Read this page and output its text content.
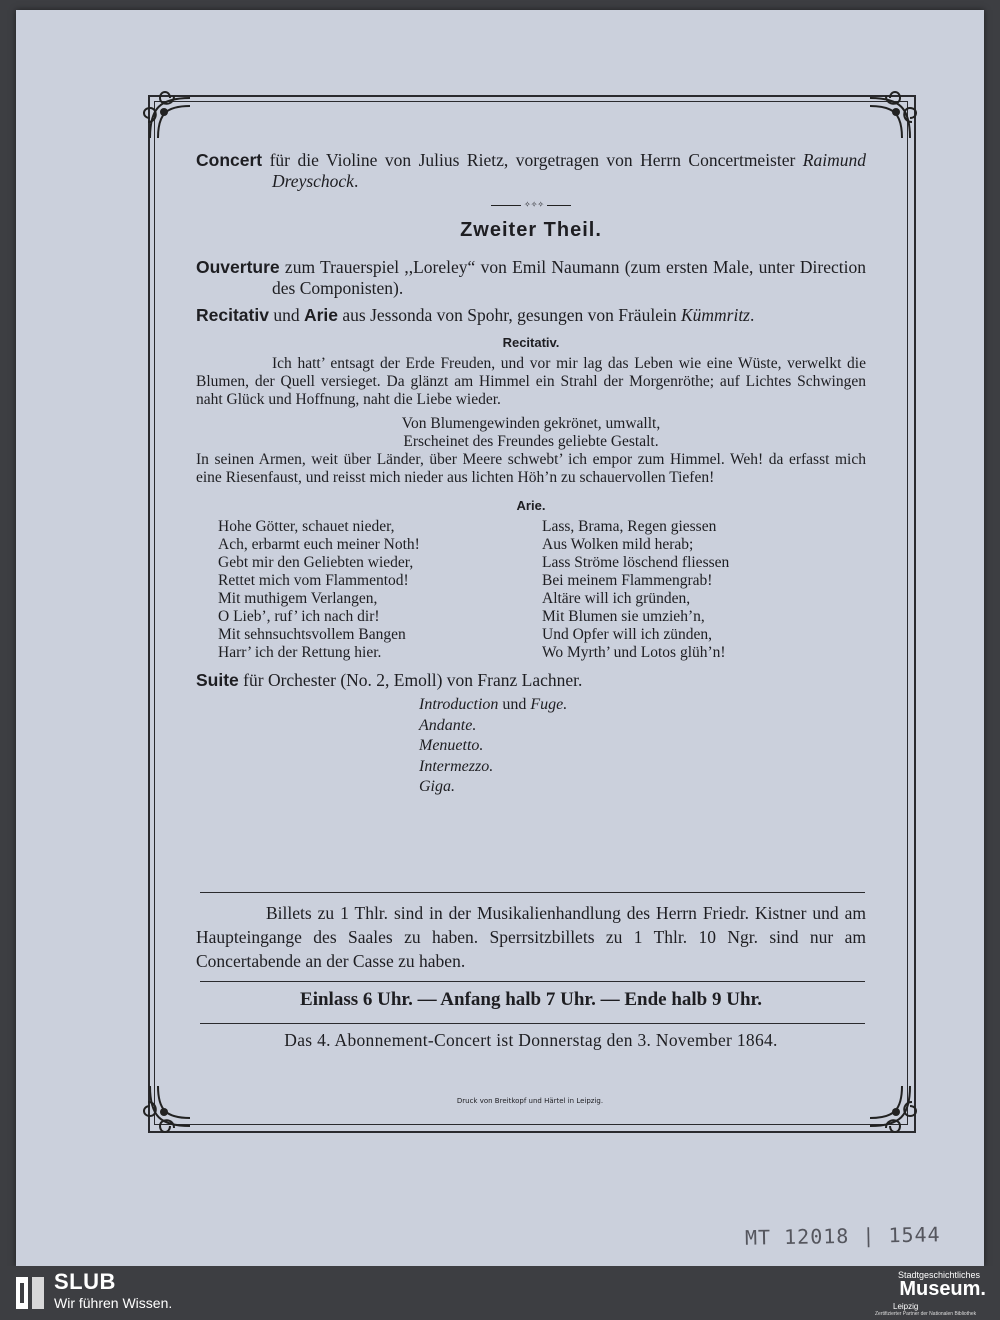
Concert für die Violine von Julius Rietz, vorgetragen von Herrn Concertmeister Raimund Dreyschock.

✧✧✧
Zweiter Theil.

Ouverture zum Trauerspiel ,,Loreley“ von Emil Naumann (zum ersten Male, unter Direction des Componisten).

Recitativ und Arie aus Jessonda von Spohr, gesungen von Fräulein Kümmritz.

Recitativ.

Ich hatt’ entsagt der Erde Freuden, und vor mir lag das Leben wie eine Wüste, verwelkt die Blumen, der Quell versieget. Da glänzt am Himmel ein Strahl der Morgenröthe; auf Lichtes Schwingen naht Glück und Hoffnung, naht die Liebe wieder.

Von Blumengewinden gekrönet, umwallt,

Erscheinet des Freundes geliebte Gestalt.

In seinen Armen, weit über Länder, über Meere schwebt’ ich empor zum Himmel. Weh! da erfasst mich eine Riesenfaust, und reisst mich nieder aus lichten Höh’n zu schauervollen Tiefen!

Arie.
Hohe Götter, schauet nieder,
Ach, erbarmt euch meiner Noth!
Gebt mir den Geliebten wieder,
Rettet mich vom Flammentod!
Mit muthigem Verlangen,
O Lieb’, ruf’ ich nach dir!
Mit sehnsuchtsvollem Bangen
Harr’ ich der Rettung hier.
Lass, Brama, Regen giessen
Aus Wolken mild herab;
Lass Ströme löschend fliessen
Bei meinem Flammengrab!
Altäre will ich gründen,
Mit Blumen sie umzieh’n,
Und Opfer will ich zünden,
Wo Myrth’ und Lotos glüh’n!

Suite für Orchester (No. 2, Emoll) von Franz Lachner.

Introduction und Fuge.
Andante.
Menuetto.
Intermezzo.
Giga.

Billets zu 1 Thlr. sind in der Musikalienhandlung des Herrn Friedr. Kistner und am Haupteingange des Saales zu haben. Sperrsitzbillets zu 1 Thlr. 10 Ngr. sind nur am Concertabende an der Casse zu haben.

Einlass 6 Uhr. — Anfang halb 7 Uhr. — Ende halb 9 Uhr.
Das 4. Abonnement-Concert ist Donnerstag den 3. November 1864.
Druck von Breitkopf und Härtel in Leipzig.
MT 12018 | 1544
SLUB
Wir führen Wissen.
Stadtgeschichtliches
Museum.
Leipzig
Zertifizierter Partner der Nationalen Bibliothek
